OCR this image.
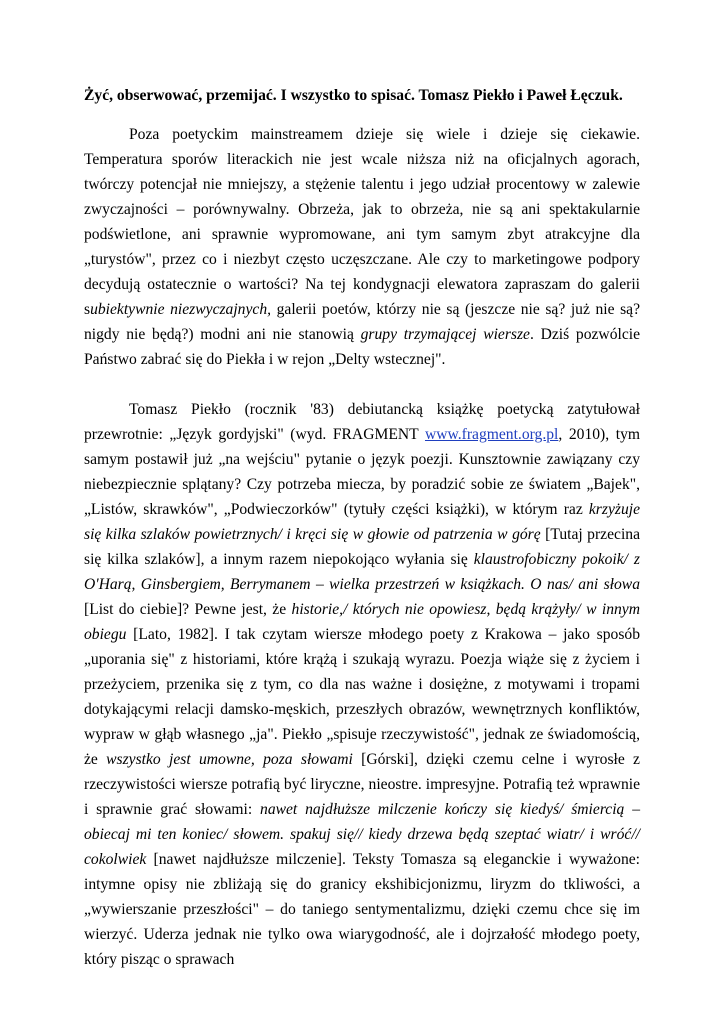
Żyć, obserwować, przemijać. I wszystko to spisać. Tomasz Piekło i Paweł Łęczuk.

Poza poetyckim mainstreamem dzieje się wiele i dzieje się ciekawie. Temperatura sporów literackich nie jest wcale niższa niż na oficjalnych agorach, twórczy potencjał nie mniejszy, a stężenie talentu i jego udział procentowy w zalewie zwyczajności – porównywalny. Obrzeża, jak to obrzeża, nie są ani spektakularnie podświetlone, ani sprawnie wypromowane, ani tym samym zbyt atrakcyjne dla „turystów", przez co i niezbyt często uczęszczane. Ale czy to marketingowe podpory decydują ostatecznie o wartości? Na tej kondygnacji elewatora zapraszam do galerii subiektywnie niezwyczajnych, galerii poetów, którzy nie są (jeszcze nie są? już nie są? nigdy nie będą?) modni ani nie stanowią grupy trzymającej wiersze. Dziś pozwólcie Państwo zabrać się do Piekła i w rejon „Delty wstecznej".

Tomasz Piekło (rocznik '83) debiutancką książkę poetycką zatytułował przewrotnie: „Język gordyjski" (wyd. FRAGMENT www.fragment.org.pl, 2010), tym samym postawił już „na wejściu" pytanie o język poezji. Kunsztownie zawiązany czy niebezpiecznie splątany? Czy potrzeba miecza, by poradzić sobie ze światem „Bajek", „Listów, skrawków", „Podwieczorków" (tytuły części książki), w którym raz krzyżuje się kilka szlaków powietrznych/ i kręci się w głowie od patrzenia w górę [Tutaj przecina się kilka szlaków], a innym razem niepokojąco wyłania się klaustrofobiczny pokoik/ z O'Harą, Ginsbergiem, Berrymanem – wielka przestrzeń w książkach. O nas/ ani słowa [List do ciebie]? Pewne jest, że historie,/ których nie opowiesz, będą krążyły/ w innym obiegu [Lato, 1982]. I tak czytam wiersze młodego poety z Krakowa – jako sposób „uporania się" z historiami, które krążą i szukają wyrazu. Poezja wiąże się z życiem i przeżyciem, przenika się z tym, co dla nas ważne i dosiężne, z motywami i tropami dotykającymi relacji damsko-męskich, przeszłych obrazów, wewnętrznych konfliktów, wypraw w głąb własnego „ja". Piekło „spisuje rzeczywistość", jednak ze świadomością, że wszystko jest umowne, poza słowami [Górski], dzięki czemu celne i wyrosłe z rzeczywistości wiersze potrafią być liryczne, nieostre. impresyjne. Potrafią też wprawnie i sprawnie grać słowami: nawet najdłuższe milczenie kończy się kiedyś/ śmiercią – obiecaj mi ten koniec/ słowem. spakuj się// kiedy drzewa będą szeptać wiatr/ i wróć// cokolwiek [nawet najdłuższe milczenie]. Teksty Tomasza są eleganckie i wyważone: intymne opisy nie zbliżają się do granicy ekshibicjonizmu, liryzm do tkliwości, a „wywierszanie przeszłości" – do taniego sentymentalizmu, dzięki czemu chce się im wierzyć. Uderza jednak nie tylko owa wiarygodność, ale i dojrzałość młodego poety, który pisząc o sprawach
